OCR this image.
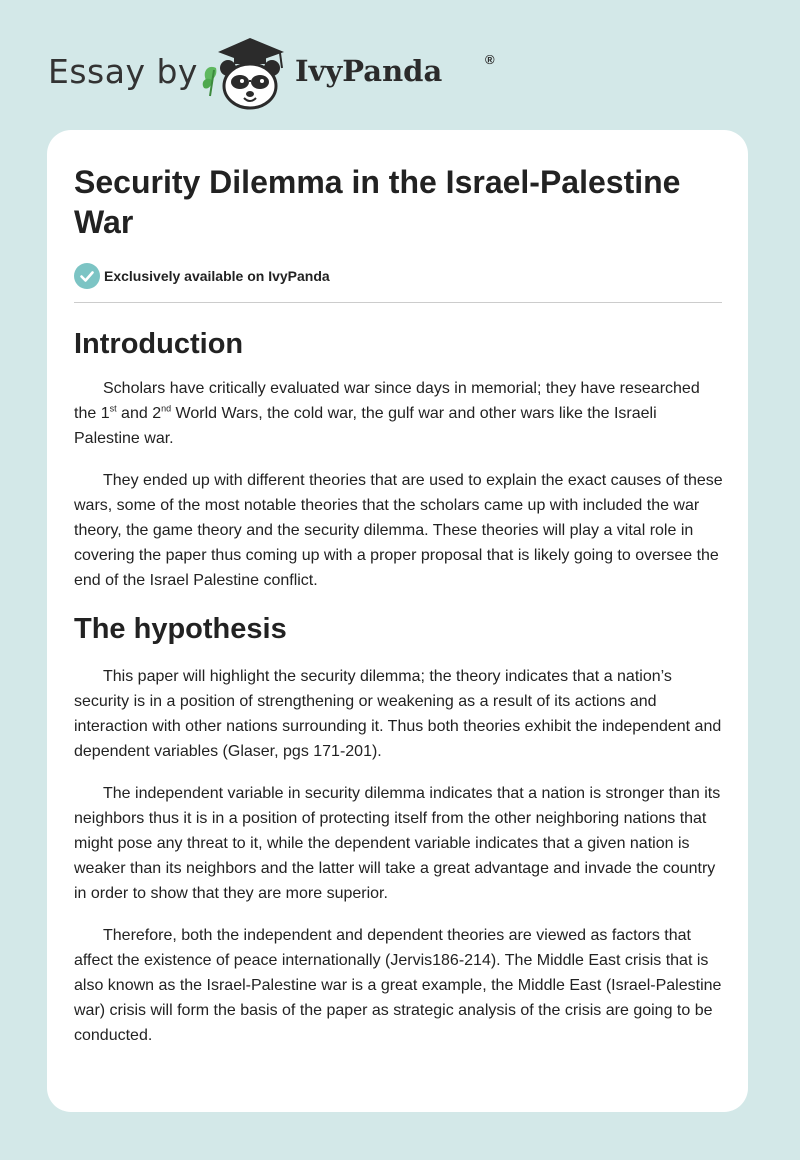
Essay by	IvyPanda	®
Security Dilemma in the Israel-Palestine War
Exclusively available on IvyPanda
Introduction

Scholars have critically evaluated war since days in memorial; they have researched the 1st and 2nd World Wars, the cold war, the gulf war and other wars like the Israeli Palestine war.

They ended up with different theories that are used to explain the exact causes of these wars, some of the most notable theories that the scholars came up with included the war theory, the game theory and the security dilemma. These theories will play a vital role in covering the paper thus coming up with a proper proposal that is likely going to oversee the end of the Israel Palestine conflict.

The hypothesis

This paper will highlight the security dilemma; the theory indicates that a nation’s security is in a position of strengthening or weakening as a result of its actions and interaction with other nations surrounding it. Thus both theories exhibit the independent and dependent variables (Glaser, pgs 171-201).

The independent variable in security dilemma indicates that a nation is stronger than its neighbors thus it is in a position of protecting itself from the other neighboring nations that might pose any threat to it, while the dependent variable indicates that a given nation is weaker than its neighbors and the latter will take a great advantage and invade the country in order to show that they are more superior.

Therefore, both the independent and dependent theories are viewed as factors that affect the existence of peace internationally (Jervis186-214). The Middle East crisis that is also known as the Israel-Palestine war is a great example, the Middle East (Israel-Palestine war) crisis will form the basis of the paper as strategic analysis of the crisis are going to be conducted.
